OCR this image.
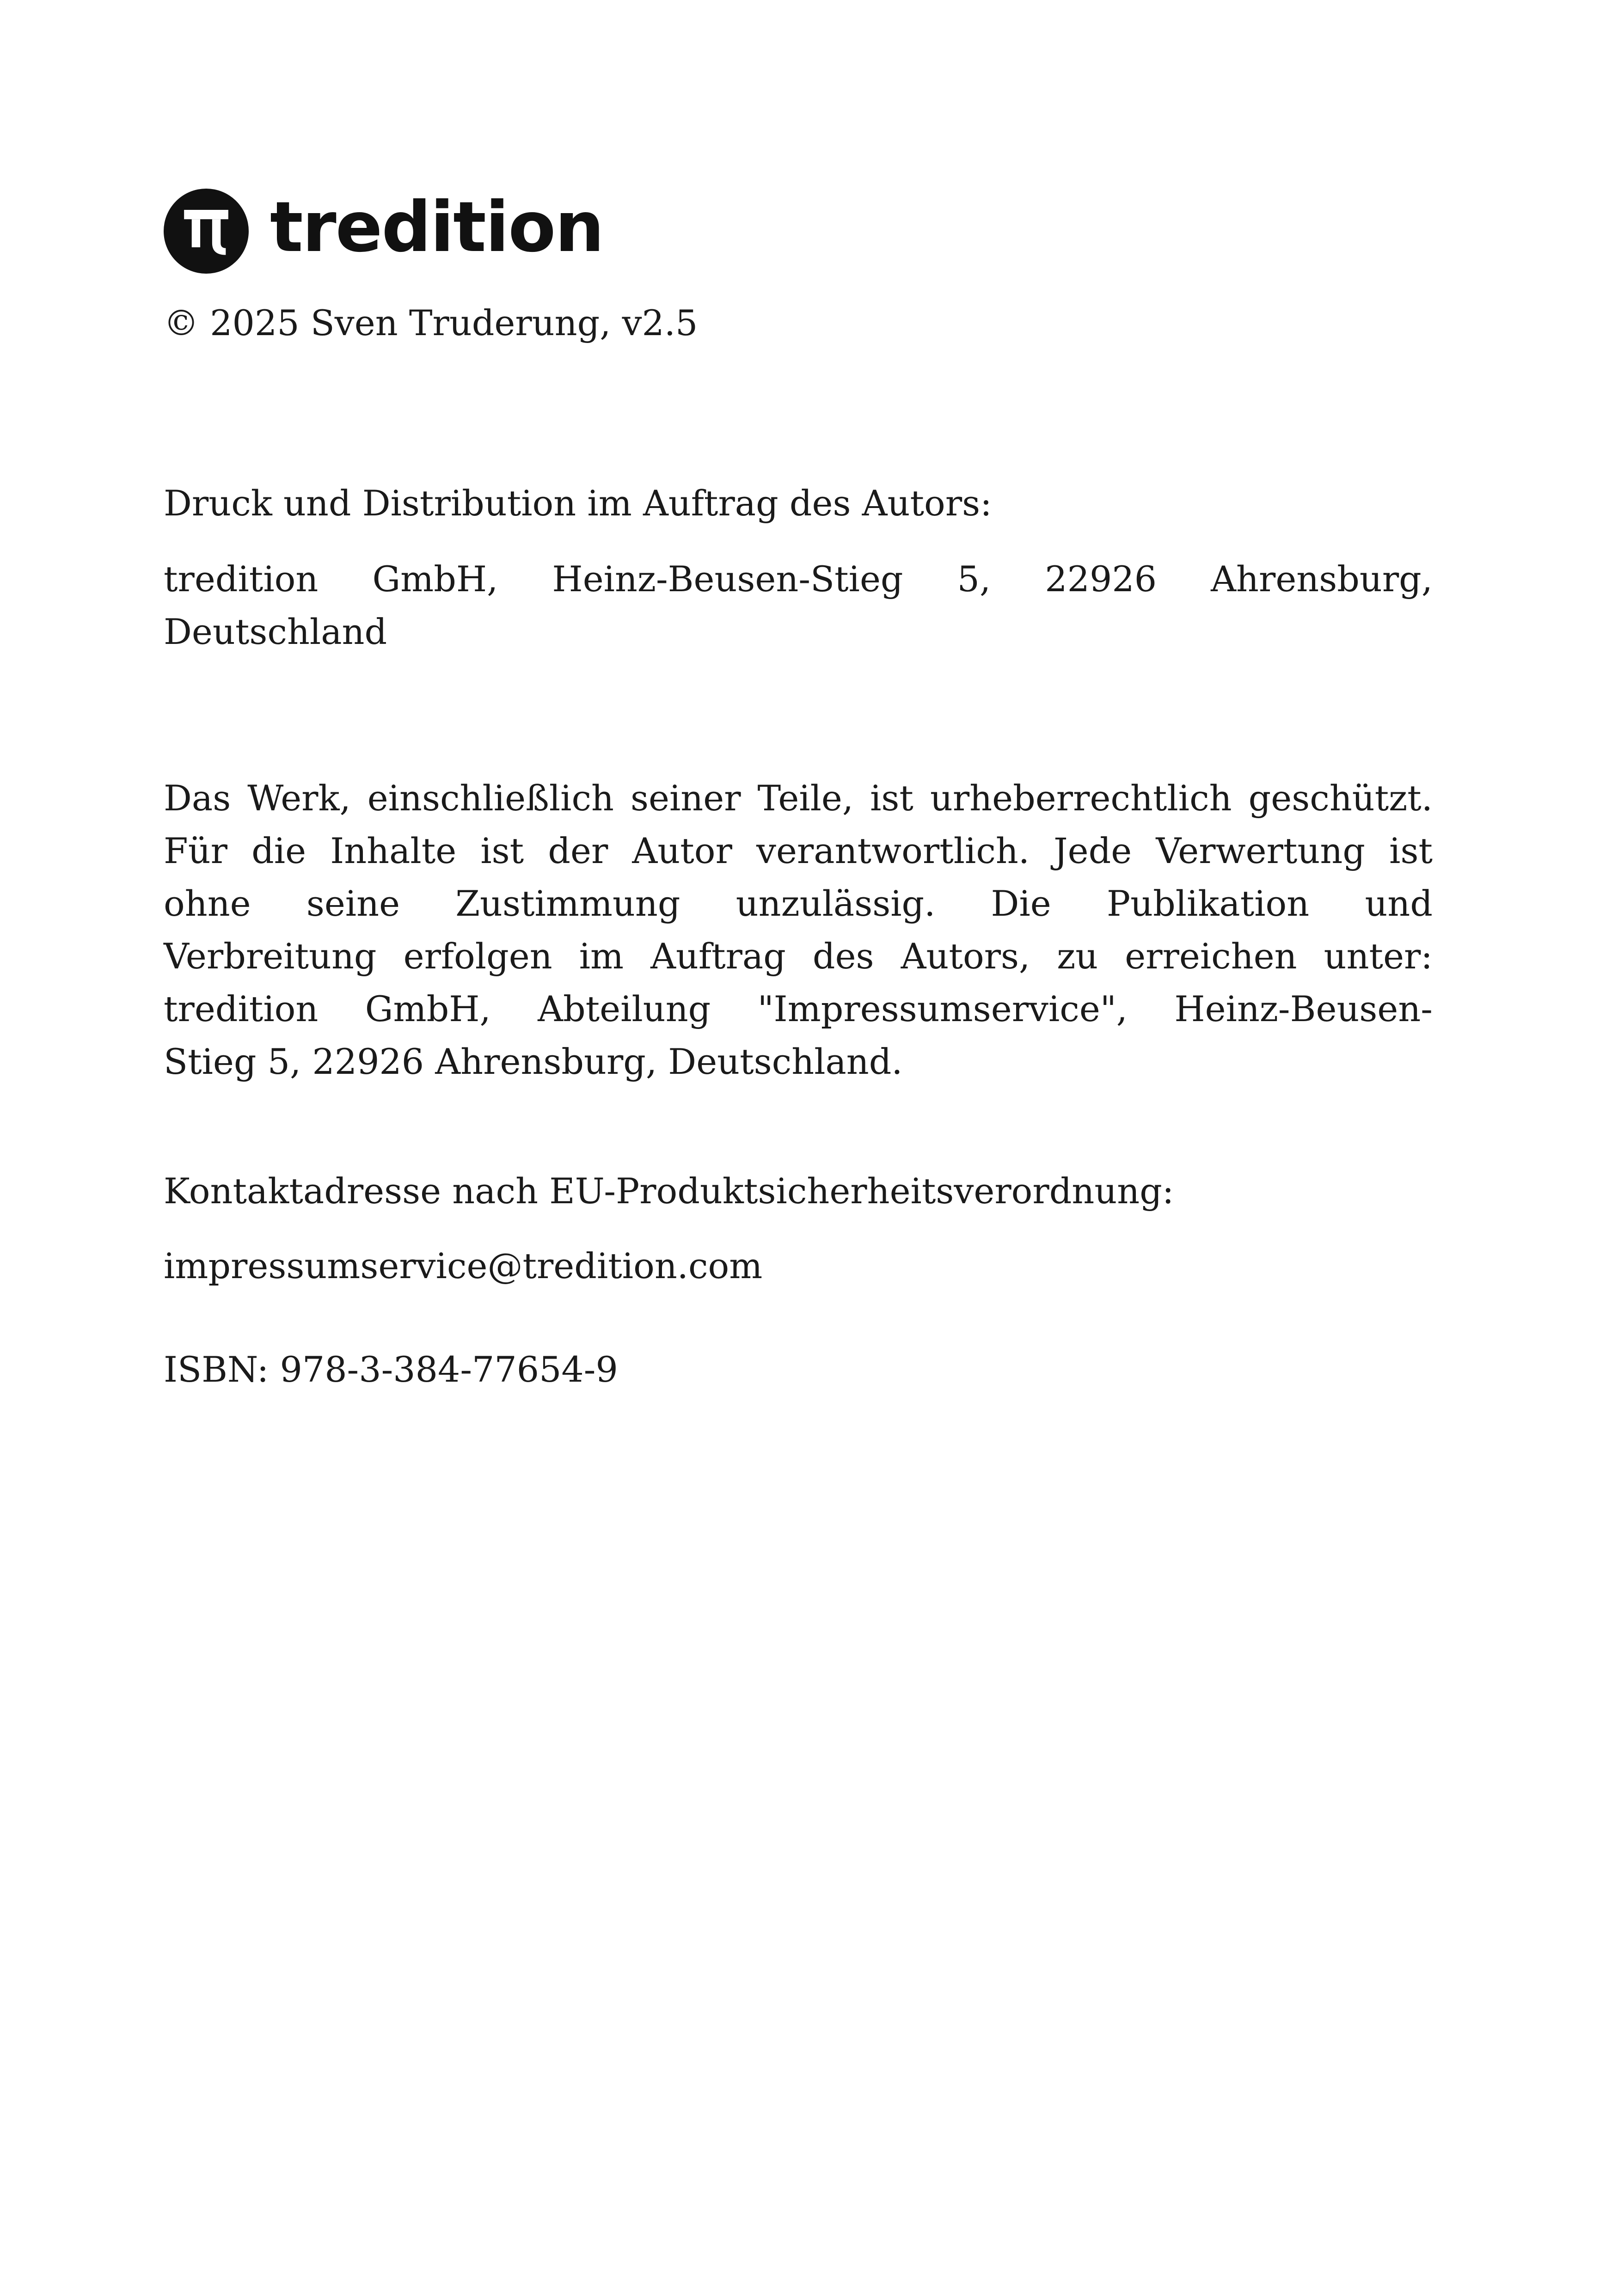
tredition

© 2025 Sven Truderung, v2.5

Druck und Distribution im Auftrag des Autors:

tredition GmbH, Heinz-Beusen-Stieg 5, 22926 Ahrensburg,

Deutschland

Das Werk, einschließlich seiner Teile, ist urheberrechtlich geschützt.

Für die Inhalte ist der Autor verantwortlich. Jede Verwertung ist

ohne seine Zustimmung unzulässig. Die Publikation und

Verbreitung erfolgen im Auftrag des Autors, zu erreichen unter:

tredition GmbH, Abteilung "Impressumservice", Heinz-Beusen-

Stieg 5, 22926 Ahrensburg, Deutschland.

Kontaktadresse nach EU-Produktsicherheitsverordnung:

impressumservice@tredition.com

ISBN: 978-3-384-77654-9
